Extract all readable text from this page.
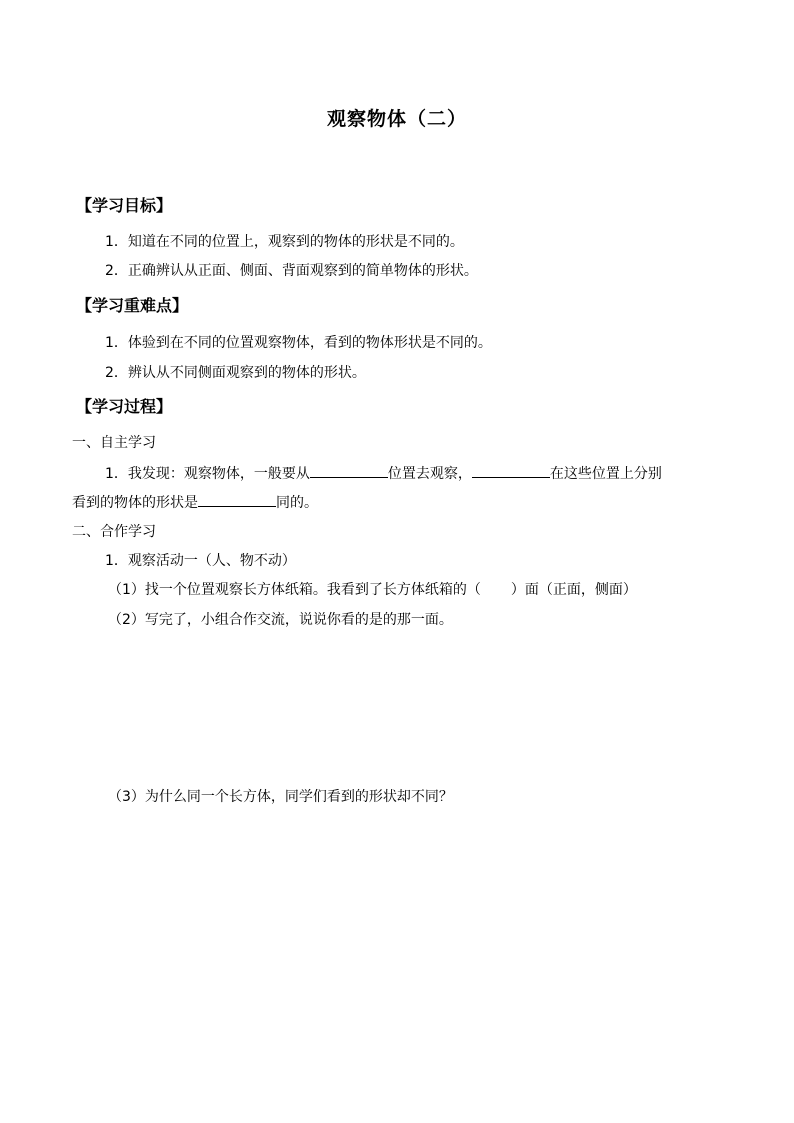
观察物体（二）
【学习目标】
1．知道在不同的位置上，观察到的物体的形状是不同的。
2．正确辨认从正面、侧面、背面观察到的简单物体的形状。
【学习重难点】
1．体验到在不同的位置观察物体，看到的物体形状是不同的。
2．辨认从不同侧面观察到的物体的形状。
【学习过程】
一、自主学习
1．我发现：观察物体，一般要从	位置去观察，	在这些位置上分别
看到的物体的形状是	同的。
二、合作学习
1．观察活动一（人、物不动）
（1）找一个位置观察长方体纸箱。我看到了长方体纸箱的（ ）面（正面，侧面）
（2）写完了，小组合作交流，说说你看的是的那一面。
（3）为什么同一个长方体，同学们看到的形状却不同？
